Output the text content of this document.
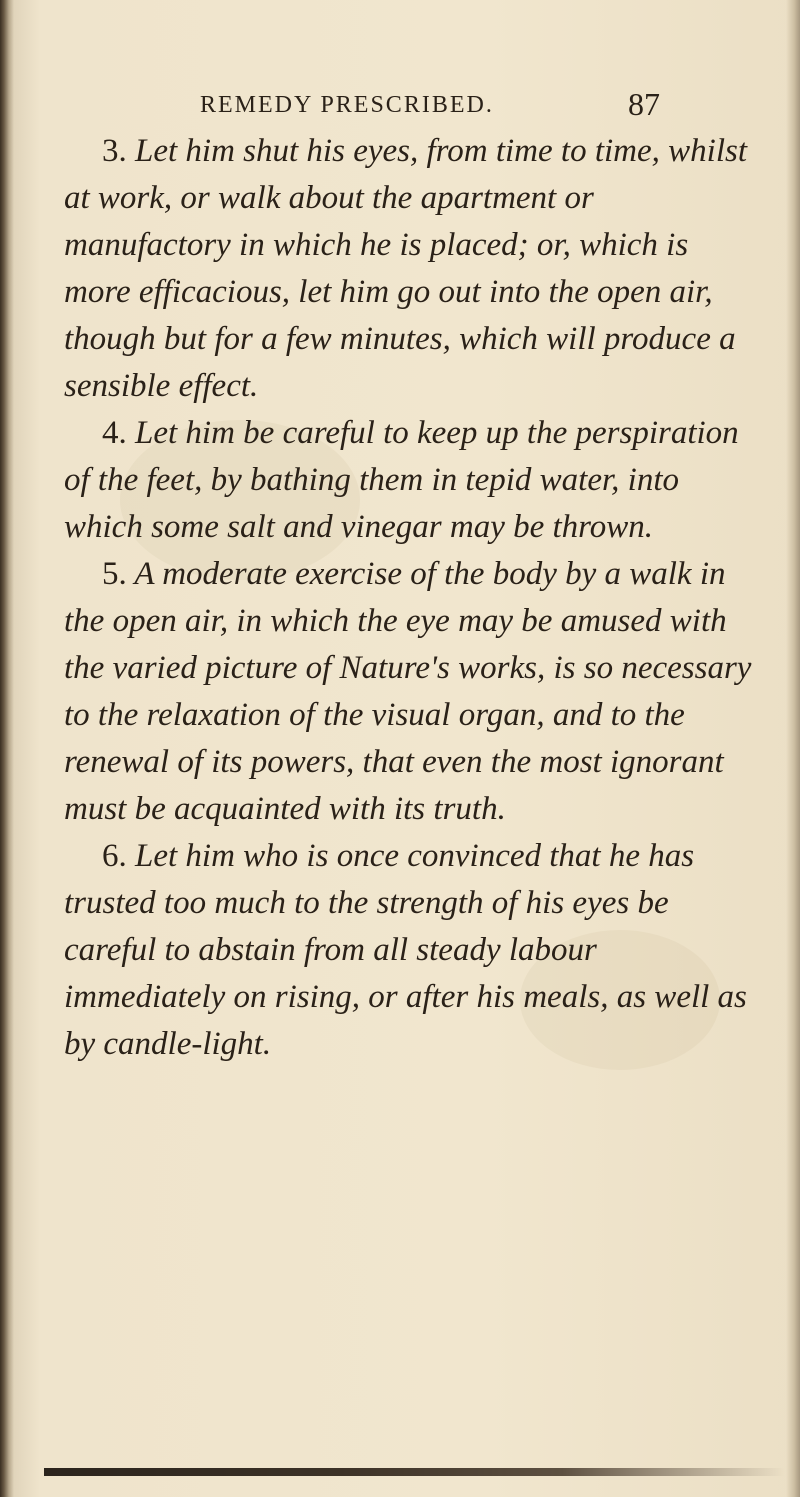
REMEDY PRESCRIBED.	87

3. Let him shut his eyes, from time to time, whilst at work, or walk about the apartment or manufactory in which he is placed; or, which is more efficacious, let him go out into the open air, though but for a few minutes, which will produce a sensible effect.

4. Let him be careful to keep up the perspiration of the feet, by bathing them in tepid water, into which some salt and vinegar may be thrown.

5. A moderate exercise of the body by a walk in the open air, in which the eye may be amused with the varied picture of Nature's works, is so necessary to the relaxation of the visual organ, and to the renewal of its powers, that even the most ignorant must be acquainted with its truth.

6. Let him who is once convinced that he has trusted too much to the strength of his eyes be careful to abstain from all steady labour immediately on rising, or after his meals, as well as by candle-light.
